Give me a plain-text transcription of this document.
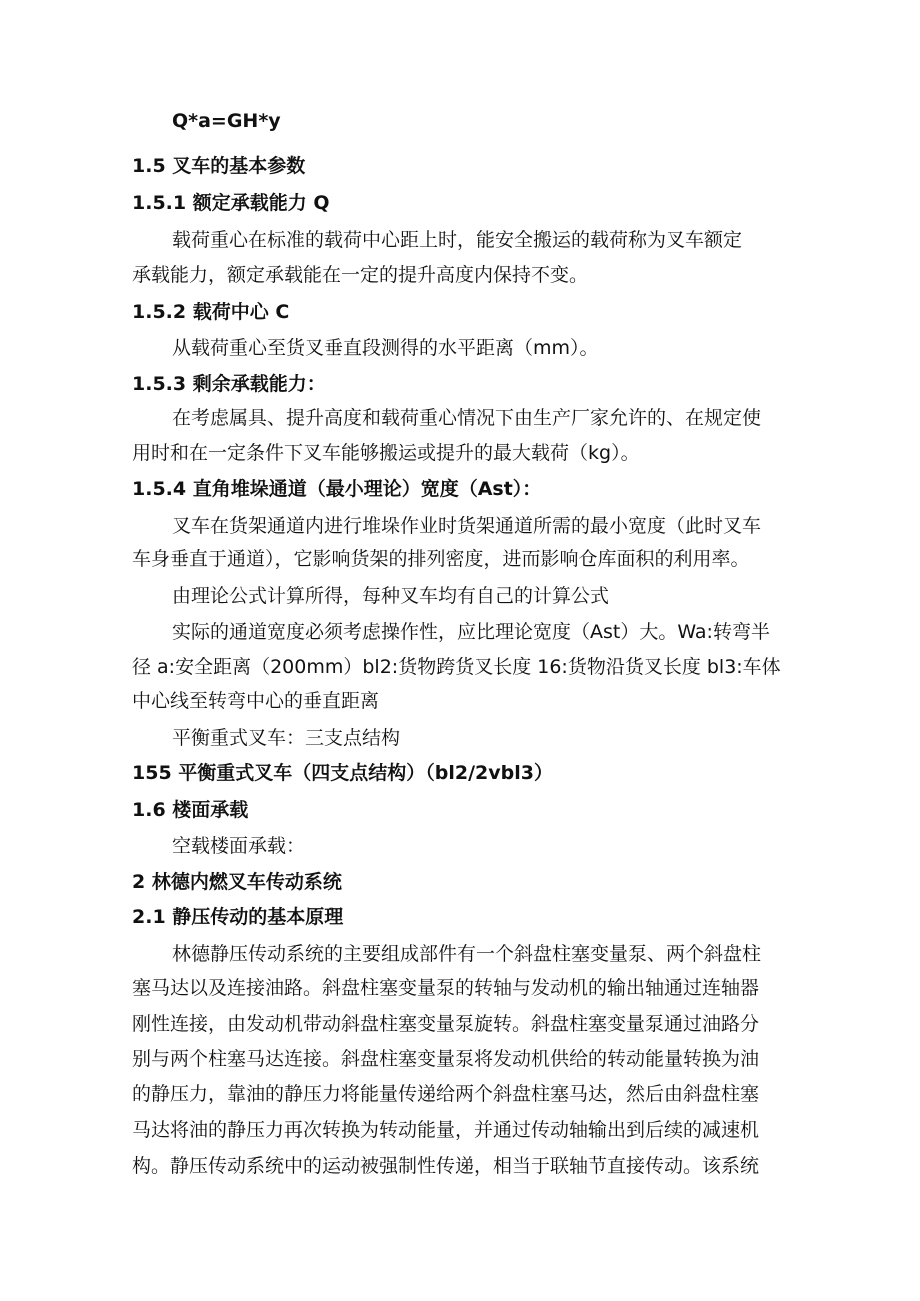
Q*a=GH*y
1.5 叉车的基本参数
1.5.1 额定承载能力 Q
载荷重心在标准的载荷中心距上时，能安全搬运的载荷称为叉车额定
承载能力，额定承载能在一定的提升高度内保持不变。
1.5.2 载荷中心 C
从载荷重心至货叉垂直段测得的水平距离（mm）。
1.5.3 剩余承载能力：
在考虑属具、提升高度和载荷重心情况下由生产厂家允许的、在规定使
用时和在一定条件下叉车能够搬运或提升的最大载荷（kg）。
1.5.4 直角堆垛通道（最小理论）宽度（Ast）：
叉车在货架通道内进行堆垛作业时货架通道所需的最小宽度（此时叉车
车身垂直于通道），它影响货架的排列密度，进而影响仓库面积的利用率。
由理论公式计算所得，每种叉车均有自己的计算公式
实际的通道宽度必须考虑操作性，应比理论宽度（Ast）大。Wa:转弯半
径 a:安全距离（200mm）bl2:货物跨货叉长度 16:货物沿货叉长度 bl3:车体
中心线至转弯中心的垂直距离
平衡重式叉车：三支点结构
155 平衡重式叉车（四支点结构）（bl2/2vbl3）
1.6 楼面承载
空载楼面承载：
2 林德内燃叉车传动系统
2.1 静压传动的基本原理
林德静压传动系统的主要组成部件有一个斜盘柱塞变量泵、两个斜盘柱
塞马达以及连接油路。斜盘柱塞变量泵的转轴与发动机的输出轴通过连轴器
刚性连接，由发动机带动斜盘柱塞变量泵旋转。斜盘柱塞变量泵通过油路分
别与两个柱塞马达连接。斜盘柱塞变量泵将发动机供给的转动能量转换为油
的静压力，靠油的静压力将能量传递给两个斜盘柱塞马达，然后由斜盘柱塞
马达将油的静压力再次转换为转动能量，并通过传动轴输出到后续的减速机
构。静压传动系统中的运动被强制性传递，相当于联轴节直接传动。该系统
